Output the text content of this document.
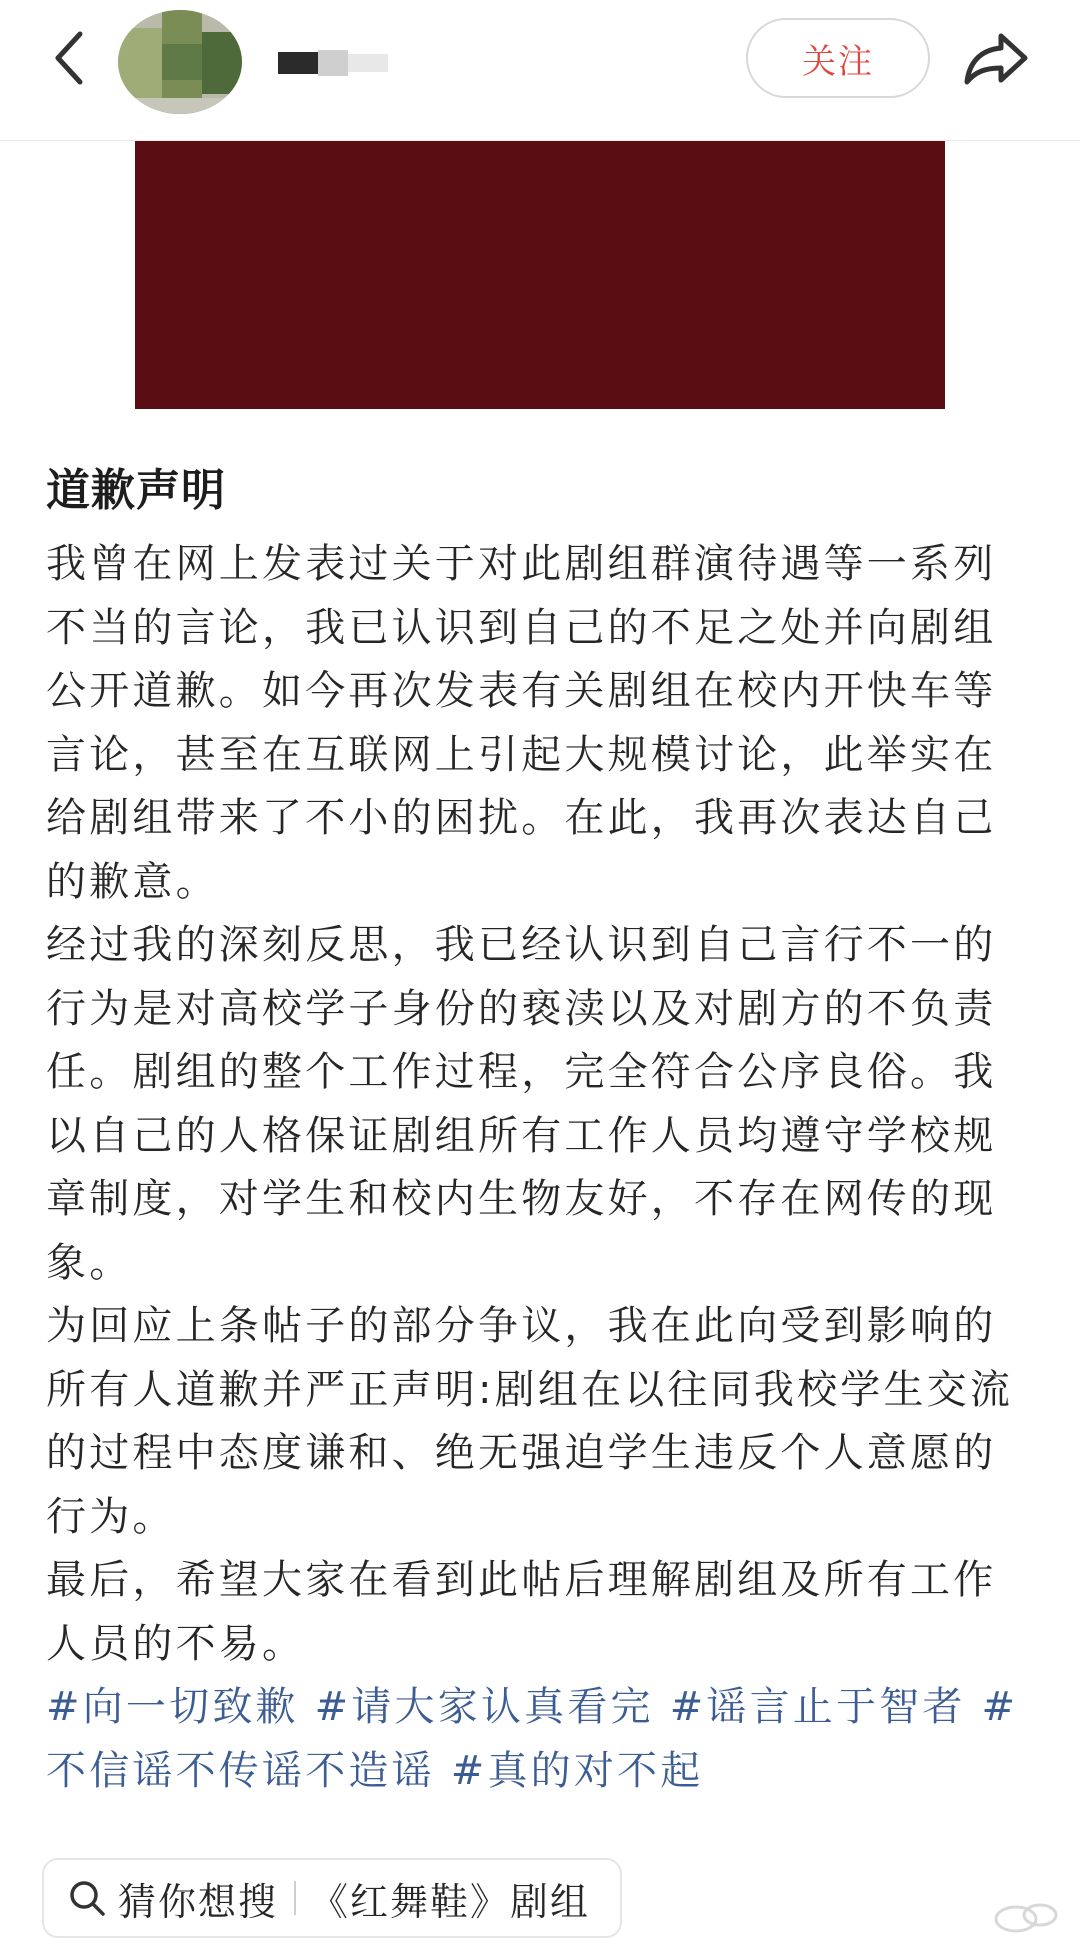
关注
道歉声明

我曾在网上发表过关于对此剧组群演待遇等一系列不当的言论，我已认识到自己的不足之处并向剧组公开道歉。如今再次发表有关剧组在校内开快车等言论，甚至在互联网上引起大规模讨论，此举实在给剧组带来了不小的困扰。在此，我再次表达自己的歉意。

经过我的深刻反思，我已经认识到自己言行不一的行为是对高校学子身份的亵渎以及对剧方的不负责任。剧组的整个工作过程，完全符合公序良俗。我以自己的人格保证剧组所有工作人员均遵守学校规章制度，对学生和校内生物友好，不存在网传的现象。

为回应上条帖子的部分争议，我在此向受到影响的所有人道歉并严正声明:剧组在以往同我校学生交流的过程中态度谦和、绝无强迫学生违反个人意愿的行为。

最后，希望大家在看到此帖后理解剧组及所有工作人员的不易。

#向一切致歉 #请大家认真看完 #谣言止于智者 #不信谣不传谣不造谣 #真的对不起

猜你想搜 《红舞鞋》剧组
